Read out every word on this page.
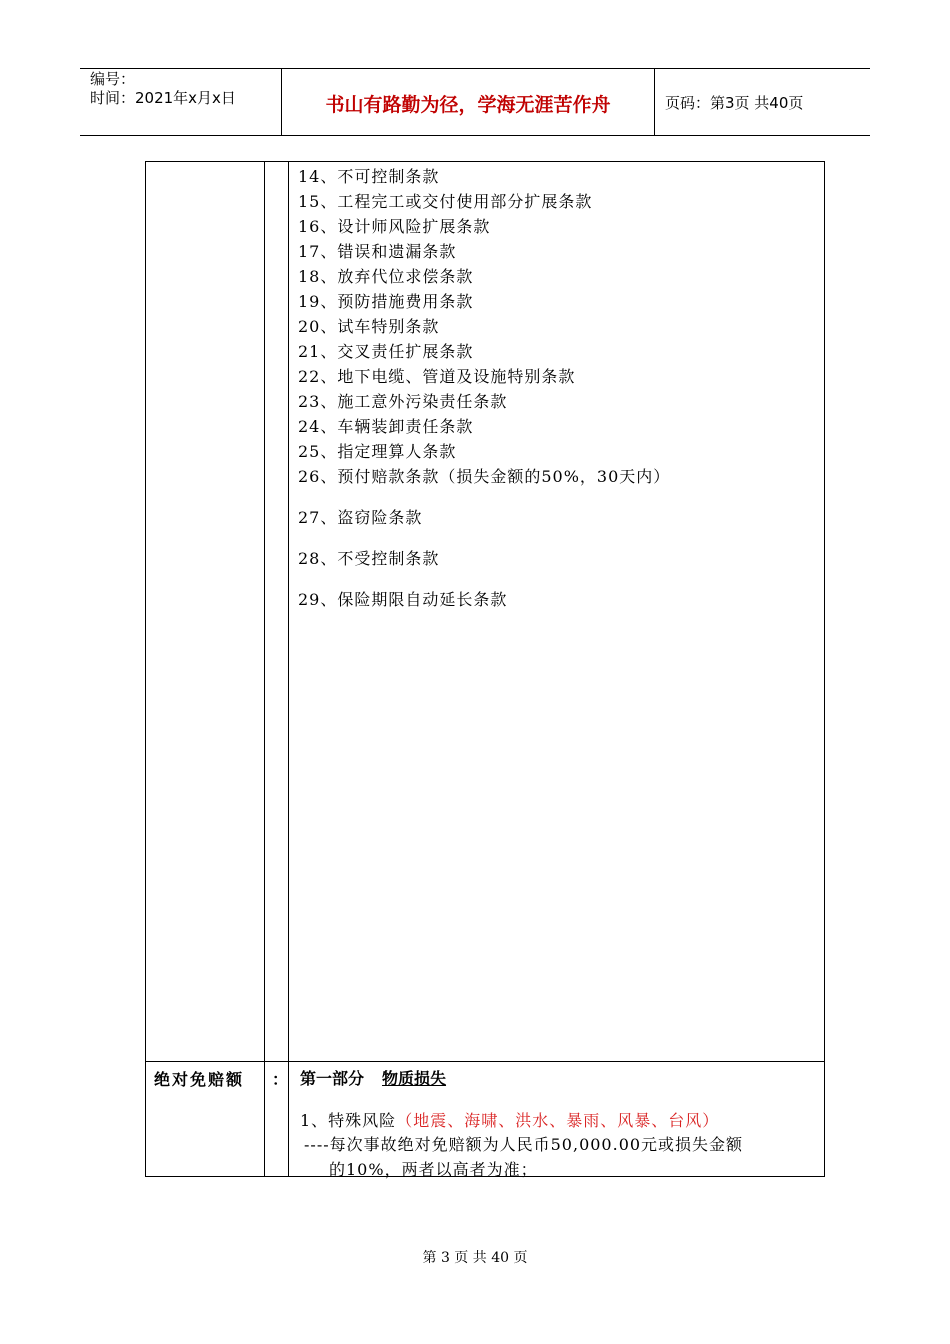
编号：
时间：2021年x月x日	书山有路勤为径，学海无涯苦作舟	页码：第3页 共40页
14、不可控制条款
15、工程完工或交付使用部分扩展条款
16、设计师风险扩展条款
17、错误和遗漏条款
18、放弃代位求偿条款
19、预防措施费用条款
20、试车特别条款
21、交叉责任扩展条款
22、地下电缆、管道及设施特别条款
23、施工意外污染责任条款
24、车辆装卸责任条款
25、指定理算人条款
26、预付赔款条款（损失金额的50%，30天内）
27、盗窃险条款
28、不受控制条款
29、保险期限自动延长条款
绝对免赔额 ： 第一部分 物质损失
1、特殊风险（地震、海啸、洪水、暴雨、风暴、台风）
----每次事故绝对免赔额为人民币50,000.00元或损失金额
的10%，两者以高者为准；
第 3 页 共 40 页
